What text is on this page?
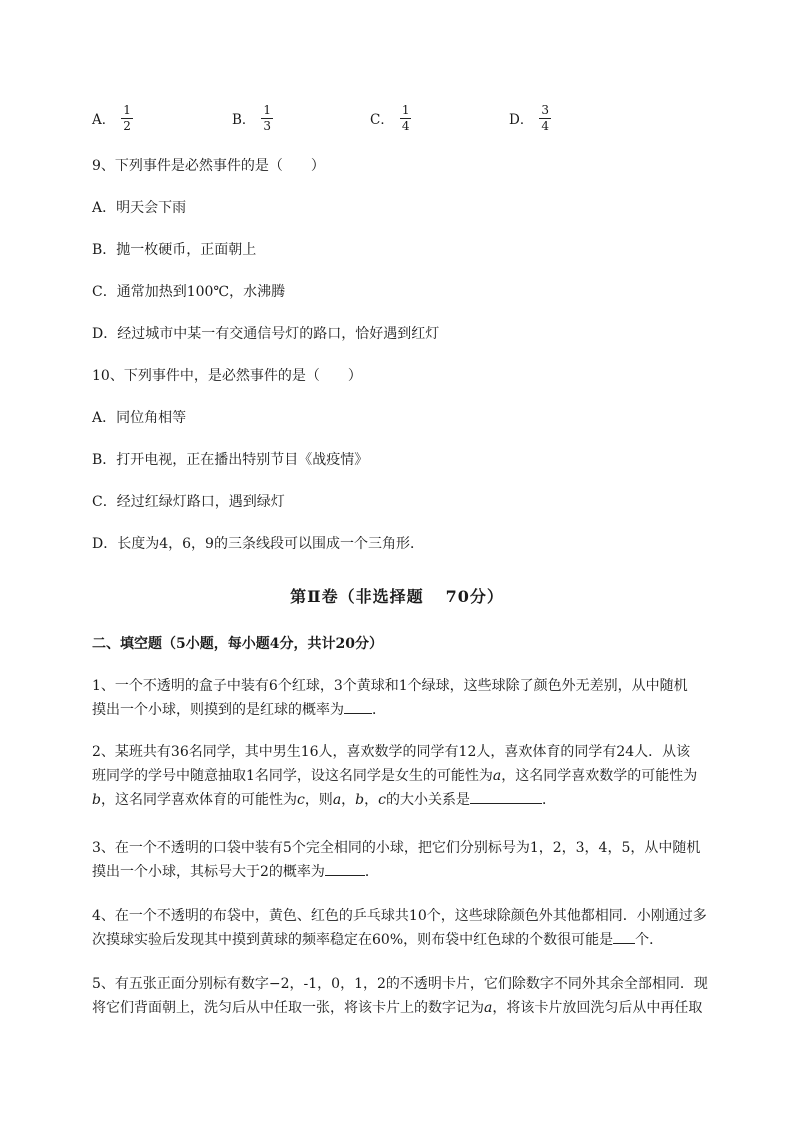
A． $\frac{1}{2}$	B． $\frac{1}{3}$	C． $\frac{1}{4}$	D． $\frac{3}{4}$
9、下列事件是必然事件的是（　　）
A．明天会下雨
B．抛一枚硬币，正面朝上
C．通常加热到100℃，水沸腾
D．经过城市中某一有交通信号灯的路口，恰好遇到红灯
10、下列事件中，是必然事件的是（　　）
A．同位角相等
B．打开电视，正在播出特别节目《战疫情》
C．经过红绿灯路口，遇到绿灯
D．长度为4，6，9的三条线段可以围成一个三角形．
第Ⅱ卷（非选择题 70分）
二、填空题（5小题，每小题4分，共计20分）
1、一个不透明的盒子中装有6个红球，3个黄球和1个绿球，这些球除了颜色外无差别，从中随机
摸出一个小球，则摸到的是红球的概率为 ．
2、某班共有36名同学，其中男生16人，喜欢数学的同学有12人，喜欢体育的同学有24人．从该
班同学的学号中随意抽取1名同学，设这名同学是女生的可能性为a，这名同学喜欢数学的可能性为
b，这名同学喜欢体育的可能性为c，则a，b，c的大小关系是	．
3、在一个不透明的口袋中装有5个完全相同的小球，把它们分别标号为1，2，3，4，5，从中随机
摸出一个小球，其标号大于2的概率为	．
4、在一个不透明的布袋中，黄色、红色的乒乓球共10个，这些球除颜色外其他都相同．小刚通过多
次摸球实验后发现其中摸到黄球的频率稳定在60%，则布袋中红色球的个数很可能是 个．
5、有五张正面分别标有数字−2，-1，0，1，2的不透明卡片，它们除数字不同外其余全部相同．现
将它们背面朝上，洗匀后从中任取一张，将该卡片上的数字记为a，将该卡片放回洗匀后从中再任取
